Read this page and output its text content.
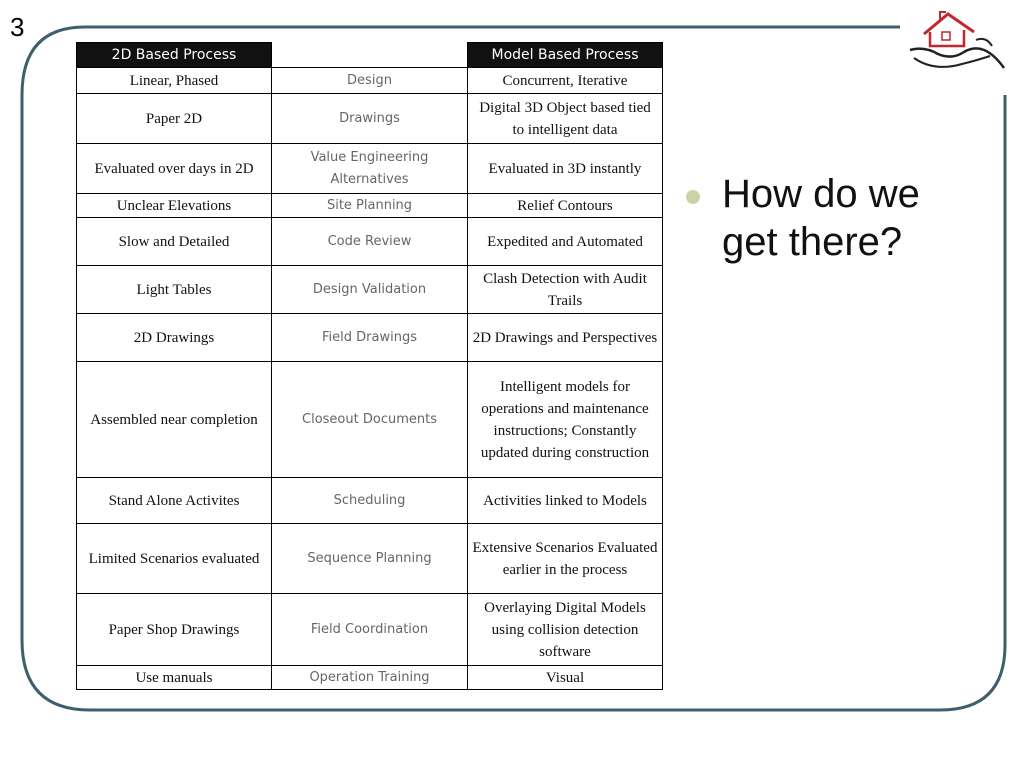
3
2D Based Process		Model Based Process
Linear, Phased	Design	Concurrent, Iterative
Paper 2D	Drawings	Digital 3D Object based tied to intelligent data
Evaluated over days in 2D	Value Engineering Alternatives	Evaluated in 3D instantly
Unclear Elevations	Site Planning	Relief Contours
Slow and Detailed	Code Review	Expedited and Automated
Light Tables	Design Validation	Clash Detection with Audit Trails
2D Drawings	Field Drawings	2D Drawings and Perspectives
Assembled near completion	Closeout Documents	Intelligent models for operations and maintenance instructions; Constantly updated during construction
Stand Alone Activites	Scheduling	Activities linked to Models
Limited Scenarios evaluated	Sequence Planning	Extensive Scenarios Evaluated earlier in the process
Paper Shop Drawings	Field Coordination	Overlaying Digital Models using collision detection software
Use manuals	Operation Training	Visual
How do we get there?
